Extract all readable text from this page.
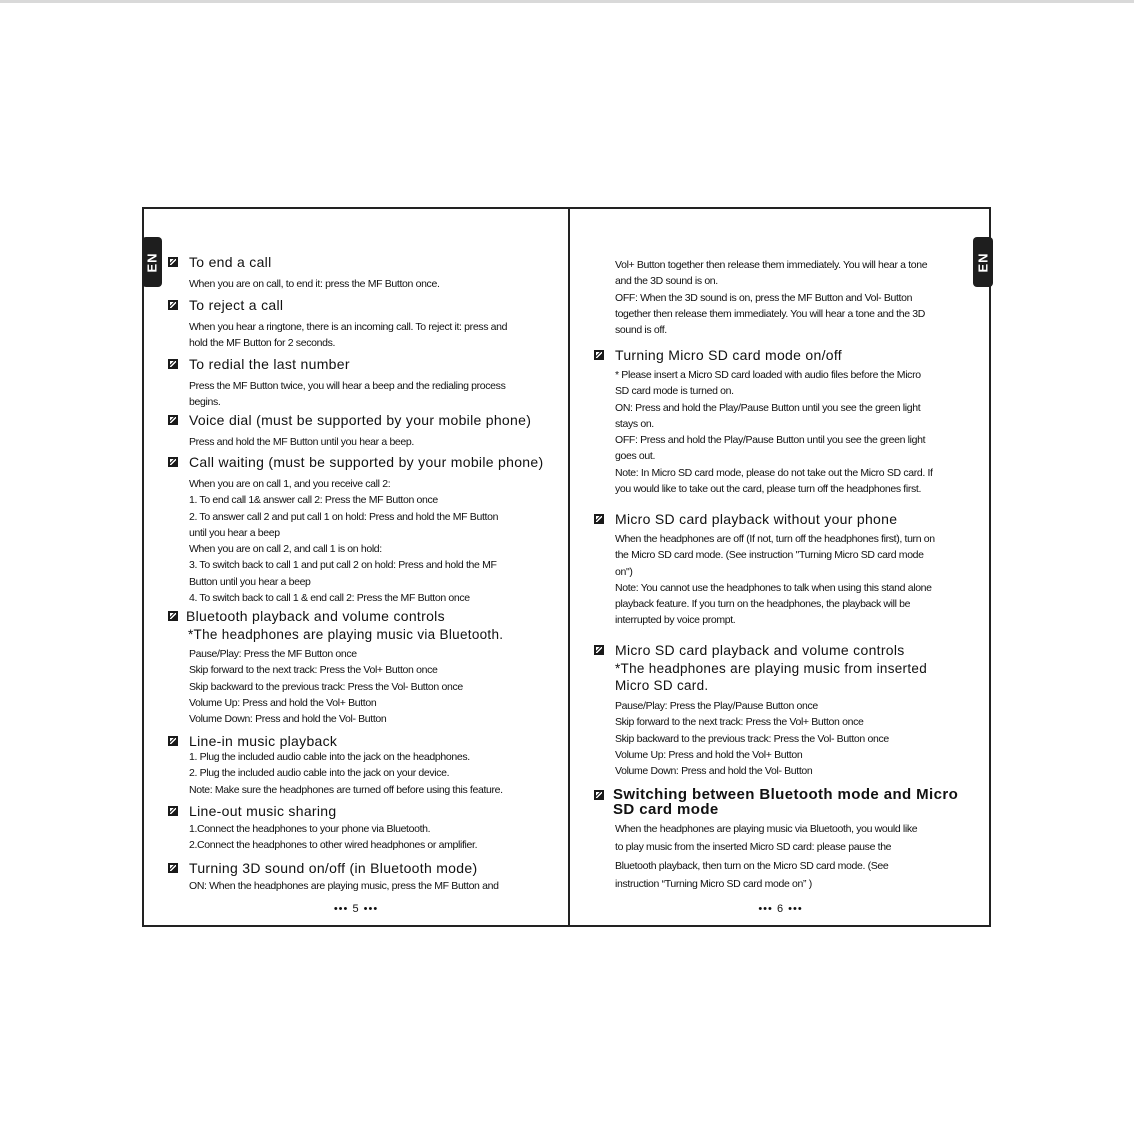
EN To end a call
When you are on call, to end it: press the MF Button once.
To reject a call
When you hear a ringtone, there is an incoming call. To reject it: press and
hold the MF Button for 2 seconds.
To redial the last number
Press the MF Button twice, you will hear a beep and the redialing process
begins.
Voice dial (must be supported by your mobile phone)
Press and hold the MF Button until you hear a beep.
Call waiting (must be supported by your mobile phone)
When you are on call 1, and you receive call 2:
1. To end call 1& answer call 2: Press the MF Button once
2. To answer call 2 and put call 1 on hold: Press and hold the MF Button
until you hear a beep
When you are on call 2, and call 1 is on hold:
3. To switch back to call 1 and put call 2 on hold: Press and hold the MF
Button until you hear a beep
4. To switch back to call 1 & end call 2: Press the MF Button once
Bluetooth playback and volume controls
*The headphones are playing music via Bluetooth.
Pause/Play: Press the MF Button once
Skip forward to the next track: Press the Vol+ Button once
Skip backward to the previous track: Press the Vol- Button once
Volume Up: Press and hold the Vol+ Button
Volume Down: Press and hold the Vol- Button
Line-in music playback
1. Plug the included audio cable into the jack on the headphones.
2. Plug the included audio cable into the jack on your device.
Note: Make sure the headphones are turned off before using this feature.
Line-out music sharing
1.Connect the headphones to your phone via Bluetooth.
2.Connect the headphones to other wired headphones or amplifier.
Turning 3D sound on/off (in Bluetooth mode)
ON: When the headphones are playing music, press the MF Button and
••• 5 •••
EN
Vol+ Button together then release them immediately. You will hear a tone
and the 3D sound is on.
OFF: When the 3D sound is on, press the MF Button and Vol- Button
together then release them immediately. You will hear a tone and the 3D
sound is off.
Turning Micro SD card mode on/off
* Please insert a Micro SD card loaded with audio files before the Micro
SD card mode is turned on.
ON: Press and hold the Play/Pause Button until you see the green light
stays on.
OFF: Press and hold the Play/Pause Button until you see the green light
goes out.
Note: In Micro SD card mode, please do not take out the Micro SD card. If
you would like to take out the card, please turn off the headphones first.
Micro SD card playback without your phone
When the headphones are off (If not, turn off the headphones first), turn on
the Micro SD card mode. (See instruction "Turning Micro SD card mode
on")
Note: You cannot use the headphones to talk when using this stand alone
playback feature. If you turn on the headphones, the playback will be
interrupted by voice prompt.
Micro SD card playback and volume controls
*The headphones are playing music from inserted
Micro SD card.
Pause/Play: Press the Play/Pause Button once
Skip forward to the next track: Press the Vol+ Button once
Skip backward to the previous track: Press the Vol- Button once
Volume Up: Press and hold the Vol+ Button
Volume Down: Press and hold the Vol- Button
Switching between Bluetooth mode and Micro SD card mode
When the headphones are playing music via Bluetooth, you would like
to play music from the inserted Micro SD card: please pause the
Bluetooth playback, then turn on the Micro SD card mode. (See
instruction “Turning Micro SD card mode on” )
••• 6 •••
